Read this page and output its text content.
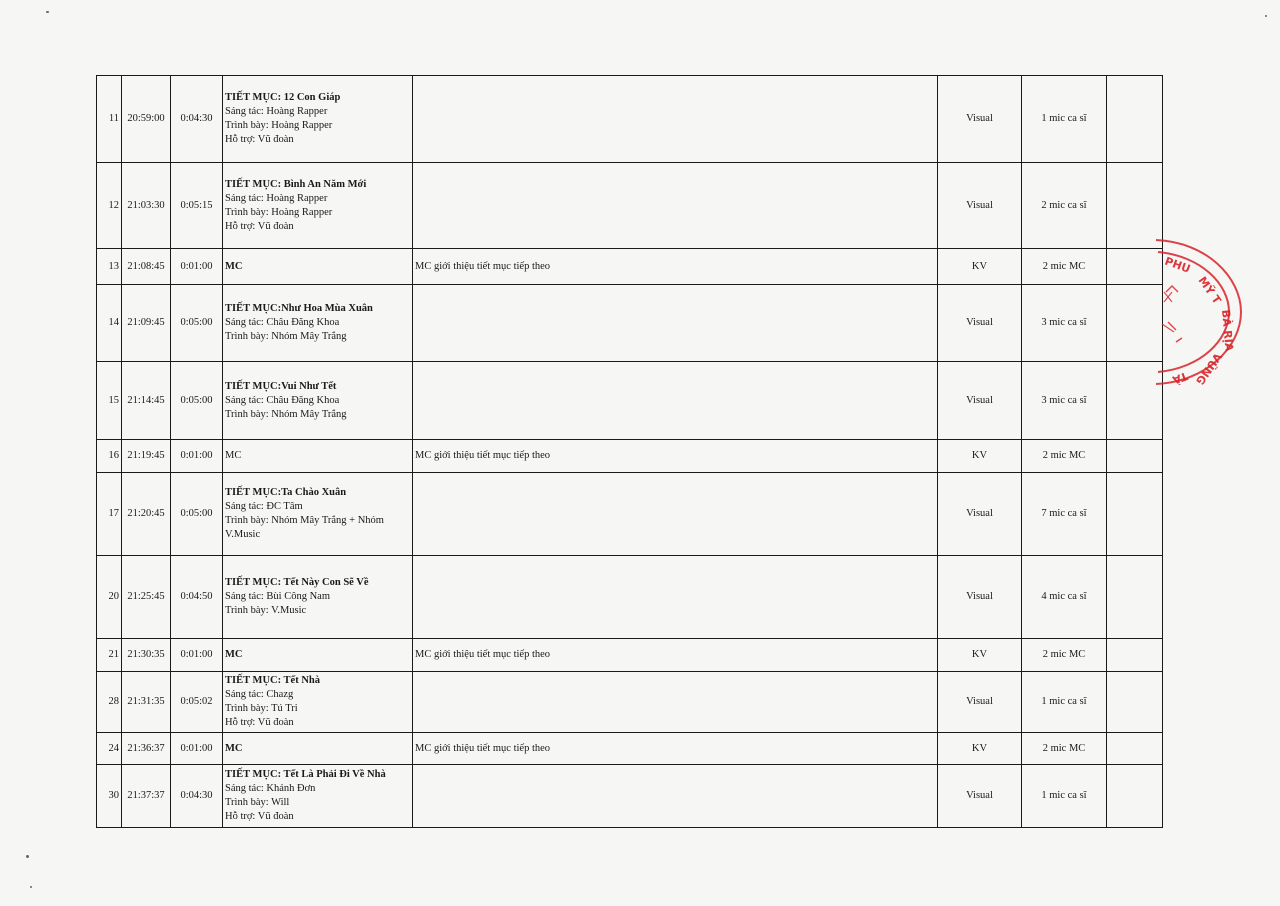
11	20:59:00	0:04:30	TIẾT MỤC: 12 Con Giáp
Sáng tác: Hoàng Rapper
Trình bày: Hoàng Rapper
Hỗ trợ: Vũ đoàn		Visual	1 mic ca sĩ	
12	21:03:30	0:05:15	TIẾT MỤC: Bình An Năm Mới
Sáng tác: Hoàng Rapper
Trình bày: Hoàng Rapper
Hỗ trợ: Vũ đoàn		Visual	2 mic ca sĩ	
13	21:08:45	0:01:00	MC	MC giới thiệu tiết mục tiếp theo	KV	2 mic MC	
14	21:09:45	0:05:00	TIẾT MỤC:Như Hoa Mùa Xuân
Sáng tác: Châu Đăng Khoa
Trình bày: Nhóm Mây Trắng		Visual	3 mic ca sĩ	
15	21:14:45	0:05:00	TIẾT MỤC:Vui Như Tết
Sáng tác: Châu Đăng Khoa
Trình bày: Nhóm Mây Trắng		Visual	3 mic ca sĩ	
16	21:19:45	0:01:00	MC	MC giới thiệu tiết mục tiếp theo	KV	2 mic MC	
17	21:20:45	0:05:00	TIẾT MỤC:Ta Chào Xuân
Sáng tác: ĐC Tâm
Trình bày: Nhóm Mây Trắng + Nhóm V.Music		Visual	7 mic ca sĩ	
20	21:25:45	0:04:50	TIẾT MỤC: Tết Này Con Sẽ Về
Sáng tác: Bùi Công Nam
Trình bày: V.Music		Visual	4 mic ca sĩ	
21	21:30:35	0:01:00	MC	MC giới thiệu tiết mục tiếp theo	KV	2 mic MC	
28	21:31:35	0:05:02	TIẾT MỤC: Tết Nhà
Sáng tác: Chazg
Trình bày: Tú Tri
Hỗ trợ: Vũ đoàn		Visual	1 mic ca sĩ	
24	21:36:37	0:01:00	MC	MC giới thiệu tiết mục tiếp theo	KV	2 mic MC	
30	21:37:37	0:04:30	TIẾT MỤC: Tết Là Phải Đi Về Nhà
Sáng tác: Khánh Đơn
Trình bày: Will
Hỗ trợ: Vũ đoàn		Visual	1 mic ca sĩ	
PHU
MỸ T
BÀ RỊA
VŨNG
TÀ
